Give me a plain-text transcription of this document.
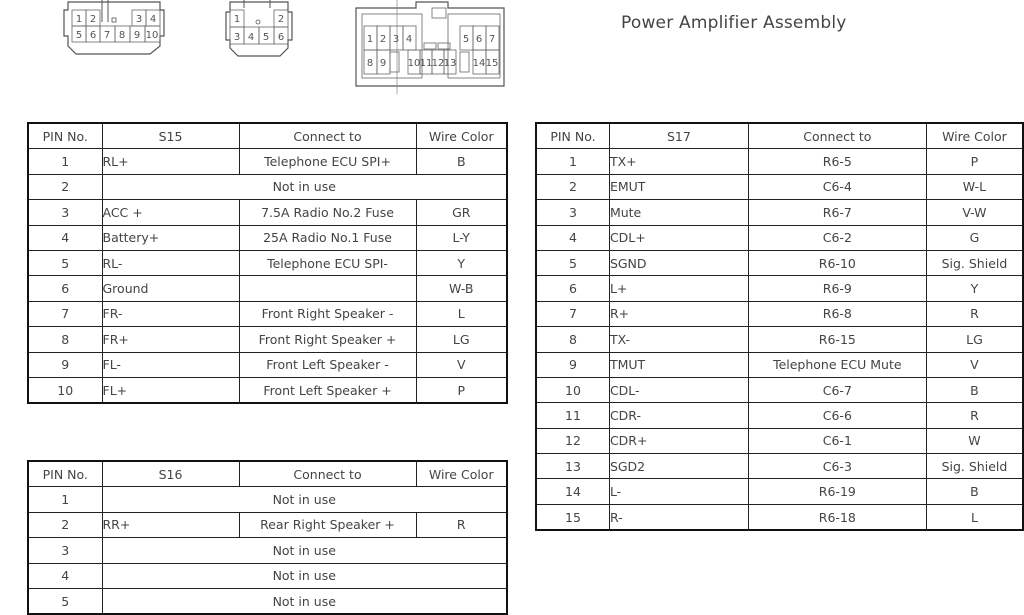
1 2	3 4
5 6 7 8 9 10
1	2
3 4 5 6	1 2 3 4	5 6 7
8 9 10 11 12 13 14 15
Power Amplifier Assembly
PIN No.	S15	Connect to	Wire Color
1	RL+	Telephone ECU SPI+	B
2	Not in use		
3	ACC +	7.5A Radio No.2 Fuse	GR
4	Battery+	25A Radio No.1 Fuse	L-Y
5	RL-	Telephone ECU SPI-	Y
6	Ground		W-B
7	FR-	Front Right Speaker -	L
8	FR+	Front Right Speaker +	LG
9	FL-	Front Left Speaker -	V
10	FL+	Front Left Speaker +	P
PIN No.	S16	Connect to	Wire Color
1	Not in use		
2	RR+	Rear Right Speaker +	R
3	Not in use		
4	Not in use		
5	Not in use		
PIN No.	S17	Connect to	Wire Color
1	TX+	R6-5	P
2	EMUT	C6-4	W-L
3	Mute	R6-7	V-W
4	CDL+	C6-2	G
5	SGND	R6-10	Sig. Shield
6	L+	R6-9	Y
7	R+	R6-8	R
8	TX-	R6-15	LG
9	TMUT	Telephone ECU Mute	V
10	CDL-	C6-7	B
11	CDR-	C6-6	R
12	CDR+	C6-1	W
13	SGD2	C6-3	Sig. Shield
14	L-	R6-19	B
15	R-	R6-18	L
